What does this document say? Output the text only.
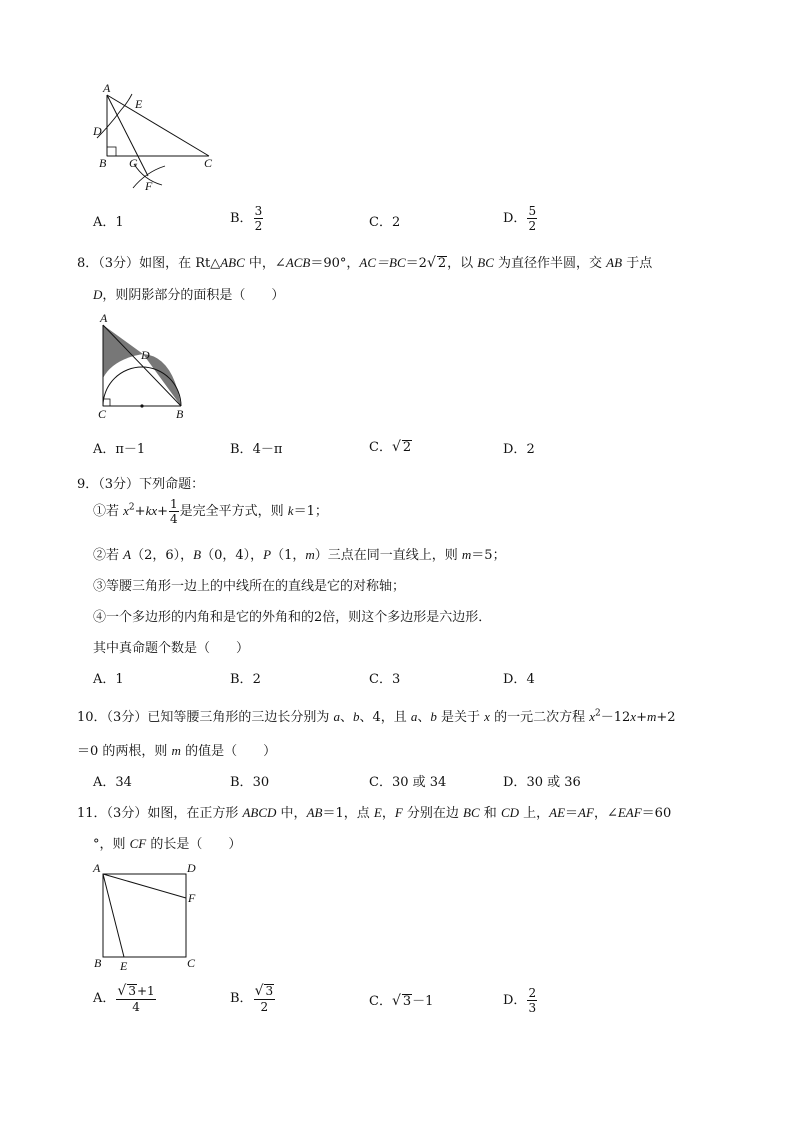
A
E
D
B G	C
F
A．1	B． $\frac{3}{2}$	C．2	D． $\frac{5}{2}$
8．（3分）如图，在 Rt△ABC 中，∠ACB＝90°，AC＝BC＝2√ 2，以 BC 为直径作半圆，交 AB 于点
D，则阴影部分的面积是（　　）
A
D
C	B
A．π－1	B．4－π	C．√ 2	D．2
9．（3分）下列命题：
①若 $x^2+kx+ \frac{1}{4}$ 是完全平方式，则 k＝1；
②若 A（2，6），B（0，4），P（1，m）三点在同一直线上，则 m＝5；
③等腰三角形一边上的中线所在的直线是它的对称轴；
④一个多边形的内角和是它的外角和的2倍，则这个多边形是六边形．
其中真命题个数是（　　）
A．1	B．2	C．3	D．4
10．（3分）已知等腰三角形的三边长分别为 a、b、4，且 a、b 是关于 x 的一元二次方程 $x^2-12x+m+2$
＝0 的两根，则 m 的值是（　　）
A．34	B．30	C．30 或 34	D．30 或 36
11．（3分）如图，在正方形 ABCD 中，AB＝1，点 E，F 分别在边 BC 和 CD 上，AE＝AF，∠EAF＝60
°，则 CF 的长是（　　）
A	D
F
B E	C
A． $\frac{√ 3+1}{4}$	B． $\frac{√ 3}{2}$	C．√ 3－1	D． $\frac{2}{3}$
